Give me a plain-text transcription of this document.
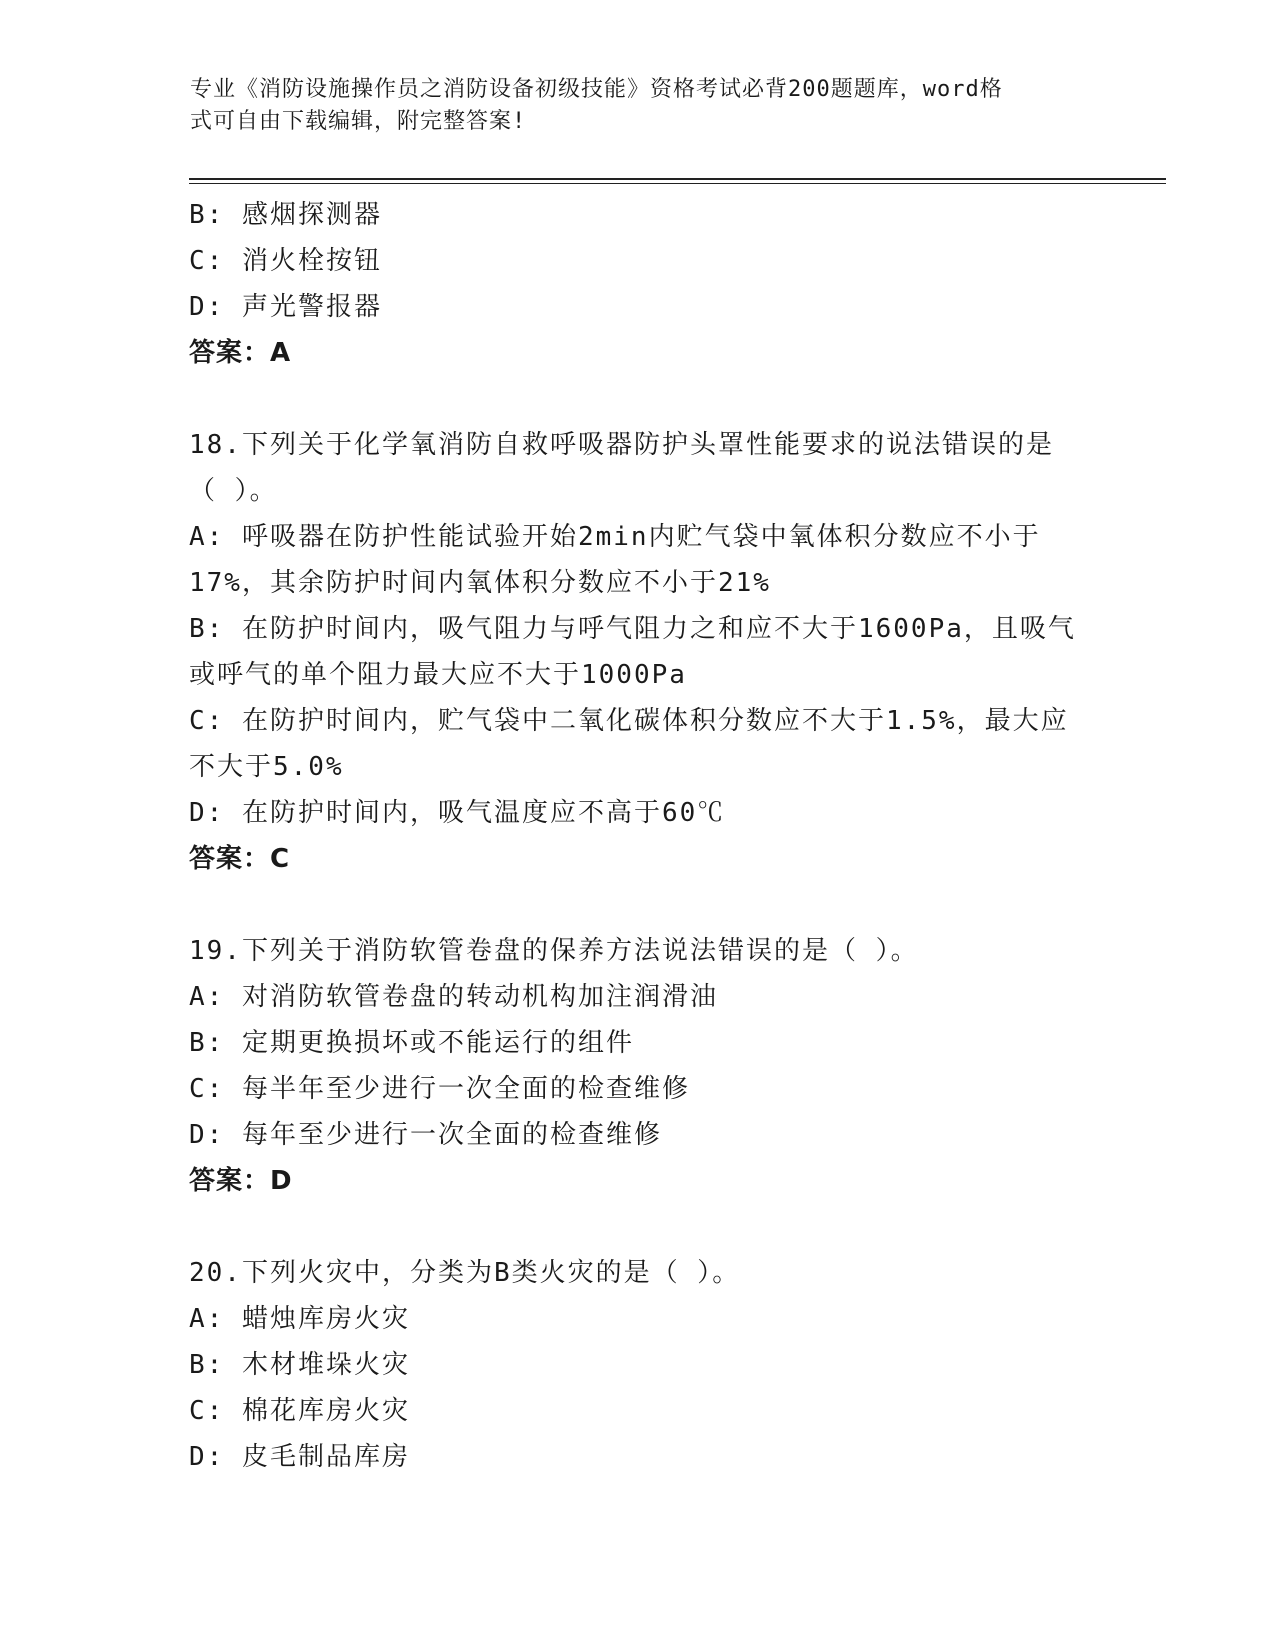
专业《消防设施操作员之消防设备初级技能》资格考试必背200题题库，word格
式可自由下载编辑，附完整答案!
B: 感烟探测器
C: 消火栓按钮
D: 声光警报器
答案：A
18.下列关于化学氧消防自救呼吸器防护头罩性能要求的说法错误的是
（ ）。
A: 呼吸器在防护性能试验开始2min内贮气袋中氧体积分数应不小于
17%，其余防护时间内氧体积分数应不小于21%
B: 在防护时间内，吸气阻力与呼气阻力之和应不大于1600Pa，且吸气
或呼气的单个阻力最大应不大于1000Pa
C: 在防护时间内，贮气袋中二氧化碳体积分数应不大于1.5%，最大应
不大于5.0%
D: 在防护时间内，吸气温度应不高于60℃
答案：C
19.下列关于消防软管卷盘的保养方法说法错误的是（ ）。
A: 对消防软管卷盘的转动机构加注润滑油
B: 定期更换损坏或不能运行的组件
C: 每半年至少进行一次全面的检查维修
D: 每年至少进行一次全面的检查维修
答案：D
20.下列火灾中，分类为B类火灾的是（ ）。
A: 蜡烛库房火灾
B: 木材堆垛火灾
C: 棉花库房火灾
D: 皮毛制品库房
